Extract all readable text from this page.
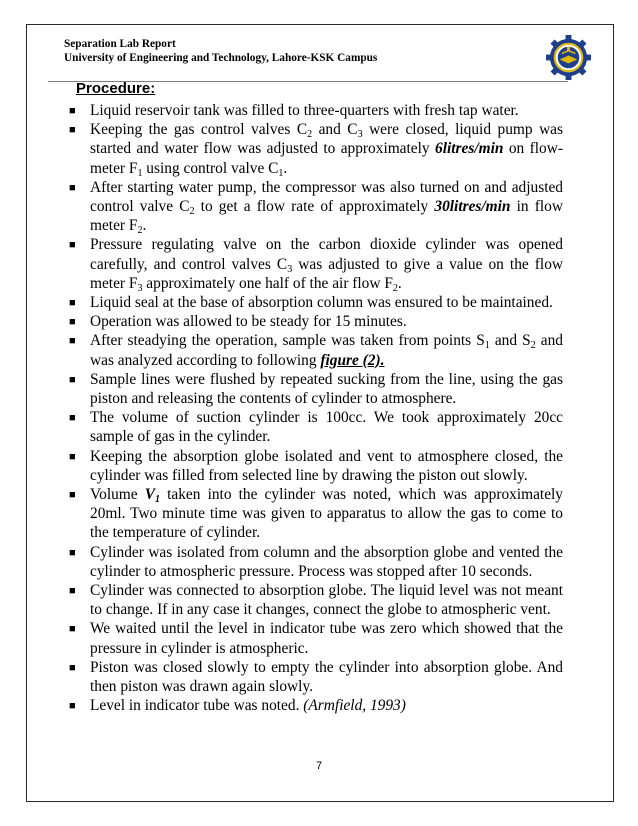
Separation Lab Report
University of Engineering and Technology, Lahore-KSK Campus
Procedure:
■ Liquid reservoir tank was filled to three-quarters with fresh tap water.
■ Keeping the gas control valves $C_2$ and $C_3$ were closed, liquid pump was started and water flow was adjusted to approximately 6litres/min on flow-meter $F_1$ using control valve $C_1$.
■ After starting water pump, the compressor was also turned on and adjusted control valve $C_2$ to get a flow rate of approximately 30litres/min in flow meter $F_2$.
■ Pressure regulating valve on the carbon dioxide cylinder was opened carefully, and control valves $C_3$ was adjusted to give a value on the flow meter $F_3$ approximately one half of the air flow $F_2$.
■ Liquid seal at the base of absorption column was ensured to be maintained.
■ Operation was allowed to be steady for 15 minutes.
■ After steadying the operation, sample was taken from points $S_1$ and $S_2$ and was analyzed according to following figure (2).
■ Sample lines were flushed by repeated sucking from the line, using the gas piston and releasing the contents of cylinder to atmosphere.
■ The volume of suction cylinder is 100cc. We took approximately 20cc sample of gas in the cylinder.
■ Keeping the absorption globe isolated and vent to atmosphere closed, the cylinder was filled from selected line by drawing the piston out slowly.
■ Volume $V_1$ taken into the cylinder was noted, which was approximately 20ml. Two minute time was given to apparatus to allow the gas to come to the temperature of cylinder.
■ Cylinder was isolated from column and the absorption globe and vented the cylinder to atmospheric pressure. Process was stopped after 10 seconds.
■ Cylinder was connected to absorption globe. The liquid level was not meant to change. If in any case it changes, connect the globe to atmospheric vent.
■ We waited until the level in indicator tube was zero which showed that the pressure in cylinder is atmospheric.
■ Piston was closed slowly to empty the cylinder into absorption globe. And then piston was drawn again slowly.
■ Level in indicator tube was noted. (Armfield, 1993)
7
